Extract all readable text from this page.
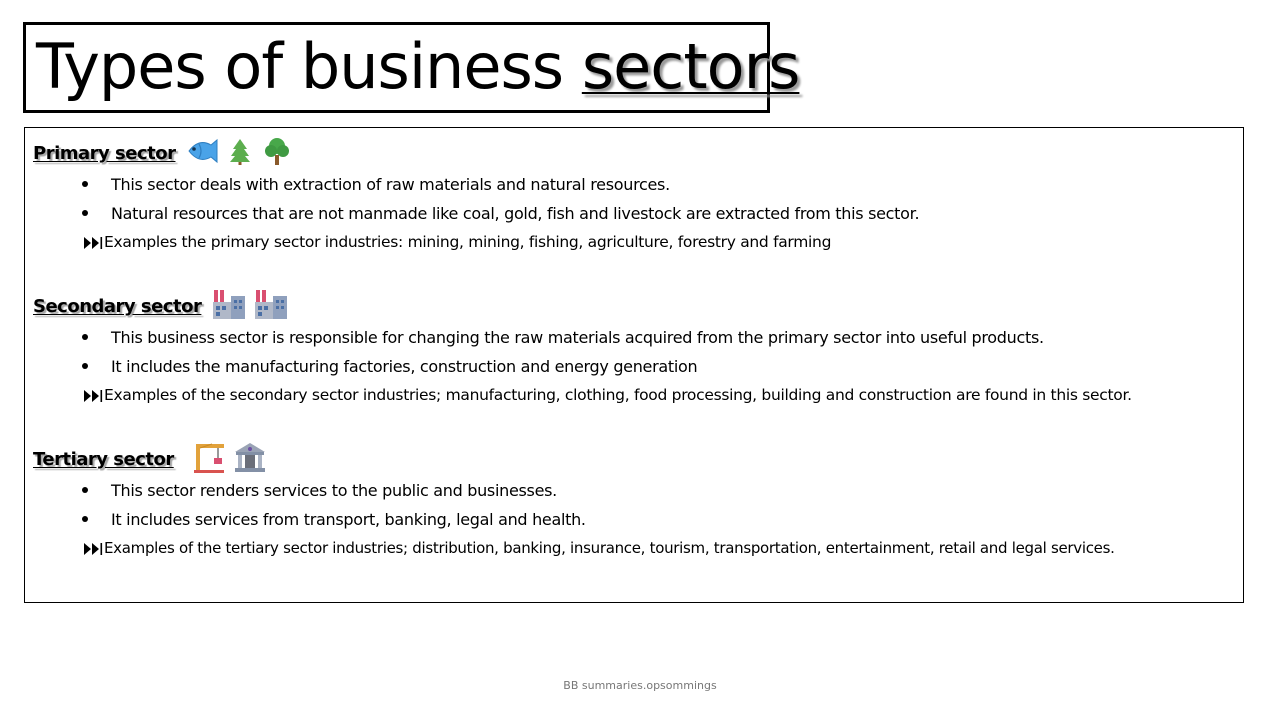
Types of business sectors
Primary sector
This sector deals with extraction of raw materials and natural resources.
Natural resources that are not manmade like coal, gold, fish and livestock are extracted from this sector.
Examples the primary sector industries: mining, mining, fishing, agriculture, forestry and farming
Secondary sector
This business sector is responsible for changing the raw materials acquired from the primary sector into useful products.
It includes the manufacturing factories, construction and energy generation
Examples of the secondary sector industries; manufacturing, clothing, food processing, building and construction are found in this sector.
Tertiary sector
This sector renders services to the public and businesses.
It includes services from transport, banking, legal and health.
Examples of the tertiary sector industries; distribution, banking, insurance, tourism, transportation, entertainment, retail and legal services.
BB summaries.opsommings
